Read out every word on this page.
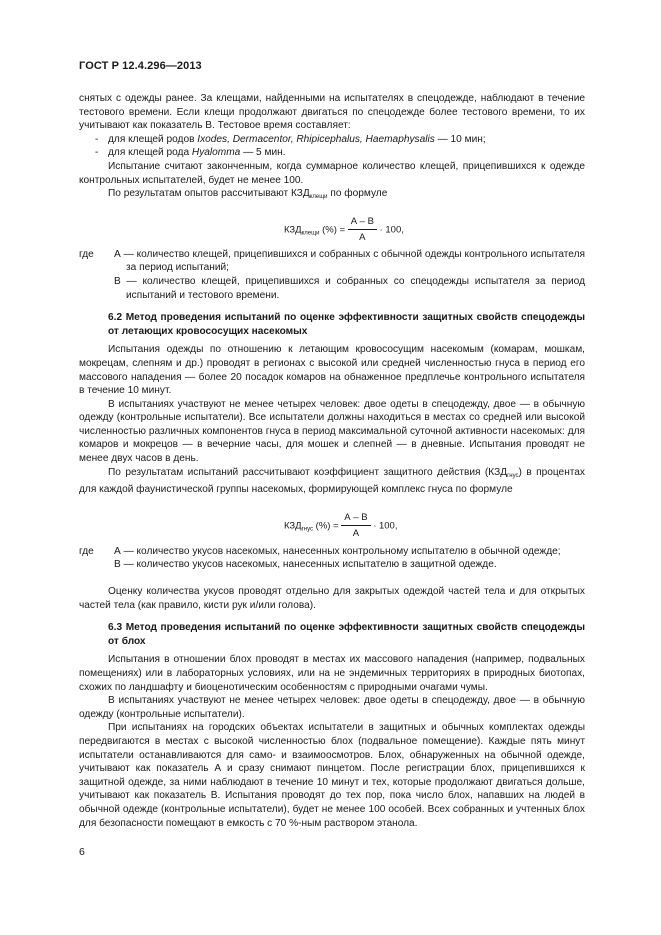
ГОСТ Р 12.4.296—2013

снятых с одежды ранее. За клещами, найденными на испытателях в спецодежде, наблюдают в течение тестового времени. Если клещи продолжают двигаться по спецодежде более тестового времени, то их учитывают как показатель В. Тестовое время составляет:

- для клещей родов Ixodes, Dermacentor, Rhipicephalus, Haemaphysalis — 10 мин;

- для клещей рода Hyalomma — 5 мин.

Испытание считают законченным, когда суммарное количество клещей, прицепившихся к одежде контрольных испытателей, будет не менее 100.

По результатам опытов рассчитывают $КЗД_{клещи}$ по формуле

$КЗД_{клещи}$ (%) = А – В
А · 100,
где	А — количество клещей, прицепившихся и собранных с обычной одежды контрольного испытателя за период испытаний;

В — количество клещей, прицепившихся и собранных со спецодежды испытателя за период испытаний и тестового времени.

6.2 Метод проведения испытаний по оценке эффективности защитных свойств спецодежды от летающих кровососущих насекомых

Испытания одежды по отношению к летающим кровососущим насекомым (комарам, мошкам, мокрецам, слепням и др.) проводят в регионах с высокой или средней численностью гнуса в период его массового нападения — более 20 посадок комаров на обнаженное предплечье контрольного испытателя в течение 10 минут.

В испытаниях участвуют не менее четырех человек: двое одеты в спецодежду, двое — в обычную одежду (контрольные испытатели). Все испытатели должны находиться в местах со средней или высокой численностью различных компонентов гнуса в период максимальной суточной активности насекомых: для комаров и мокрецов — в вечерние часы, для мошек и слепней — в дневные. Испытания проводят не менее двух часов в день.

По результатам испытаний рассчитывают коэффициент защитного действия $(КЗД_{гнус})$ в процентах для каждой фаунистической группы насекомых, формирующей комплекс гнуса по формуле

$КЗД_{гнус}$ (%) = А – В
А · 100,
где	А — количество укусов насекомых, нанесенных контрольному испытателю в обычной одежде;

В — количество укусов насекомых, нанесенных испытателю в защитной одежде.

Оценку количества укусов проводят отдельно для закрытых одеждой частей тела и для открытых частей тела (как правило, кисти рук и/или голова).

6.3 Метод проведения испытаний по оценке эффективности защитных свойств спецодежды от блох

Испытания в отношении блох проводят в местах их массового нападения (например, подвальных помещениях) или в лабораторных условиях, или на не эндемичных территориях в природных биотопах, схожих по ландшафту и биоценотическим особенностям с природными очагами чумы.

В испытаниях участвуют не менее четырех человек: двое одеты в спецодежду, двое — в обычную одежду (контрольные испытатели).

При испытаниях на городских объектах испытатели в защитных и обычных комплектах одежды передвигаются в местах с высокой численностью блох (подвальное помещение). Каждые пять минут испытатели останавливаются для само- и взаимоосмотров. Блох, обнаруженных на обычной одежде, учитывают как показатель А и сразу снимают пинцетом. После регистрации блох, прицепившихся к защитной одежде, за ними наблюдают в течение 10 минут и тех, которые продолжают двигаться дольше, учитывают как показатель В. Испытания проводят до тех пор, пока число блох, напавших на людей в обычной одежде (контрольные испытатели), будет не менее 100 особей. Всех собранных и учтенных блох для безопасности помещают в емкость с 70 %-ным раствором этанола.

6
